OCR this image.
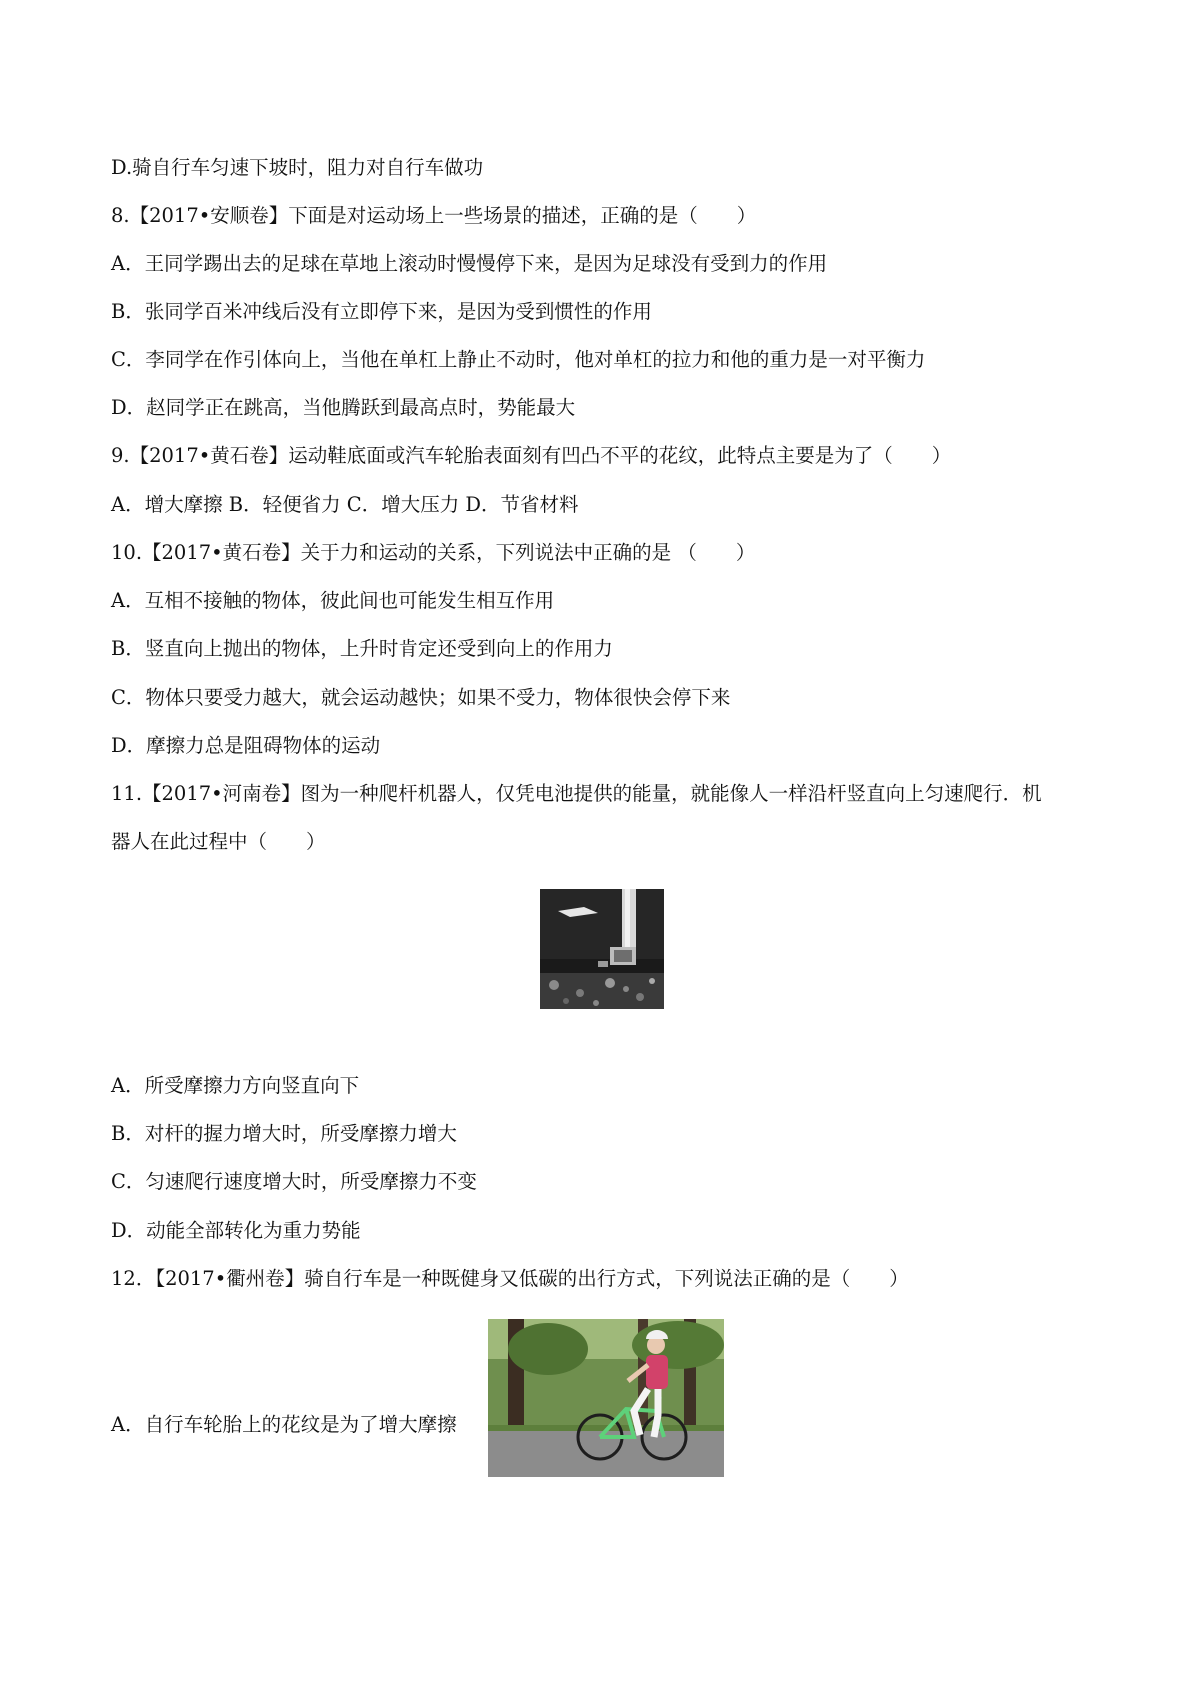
D.骑自行车匀速下坡时，阻力对自行车做功

8.【2017•安顺卷】下面是对运动场上一些场景的描述，正确的是（　　）

A．王同学踢出去的足球在草地上滚动时慢慢停下来，是因为足球没有受到力的作用

B．张同学百米冲线后没有立即停下来，是因为受到惯性的作用

C．李同学在作引体向上，当他在单杠上静止不动时，他对单杠的拉力和他的重力是一对平衡力

D．赵同学正在跳高，当他腾跃到最高点时，势能最大

9.【2017•黄石卷】运动鞋底面或汽车轮胎表面刻有凹凸不平的花纹，此特点主要是为了（　　）

A．增大摩擦 B．轻便省力 C．增大压力 D．节省材料

10.【2017•黄石卷】关于力和运动的关系，下列说法中正确的是 （　　）

A．互相不接触的物体，彼此间也可能发生相互作用

B．竖直向上抛出的物体，上升时肯定还受到向上的作用力

C．物体只要受力越大，就会运动越快；如果不受力，物体很快会停下来

D．摩擦力总是阻碍物体的运动

11.【2017•河南卷】图为一种爬杆机器人，仅凭电池提供的能量，就能像人一样沿杆竖直向上匀速爬行．机

器人在此过程中（　　）

A．所受摩擦力方向竖直向下

B．对杆的握力增大时，所受摩擦力增大

C．匀速爬行速度增大时，所受摩擦力不变

D．动能全部转化为重力势能

12．【2017•衢州卷】骑自行车是一种既健身又低碳的出行方式，下列说法正确的是（　　）

A．自行车轮胎上的花纹是为了增大摩擦
